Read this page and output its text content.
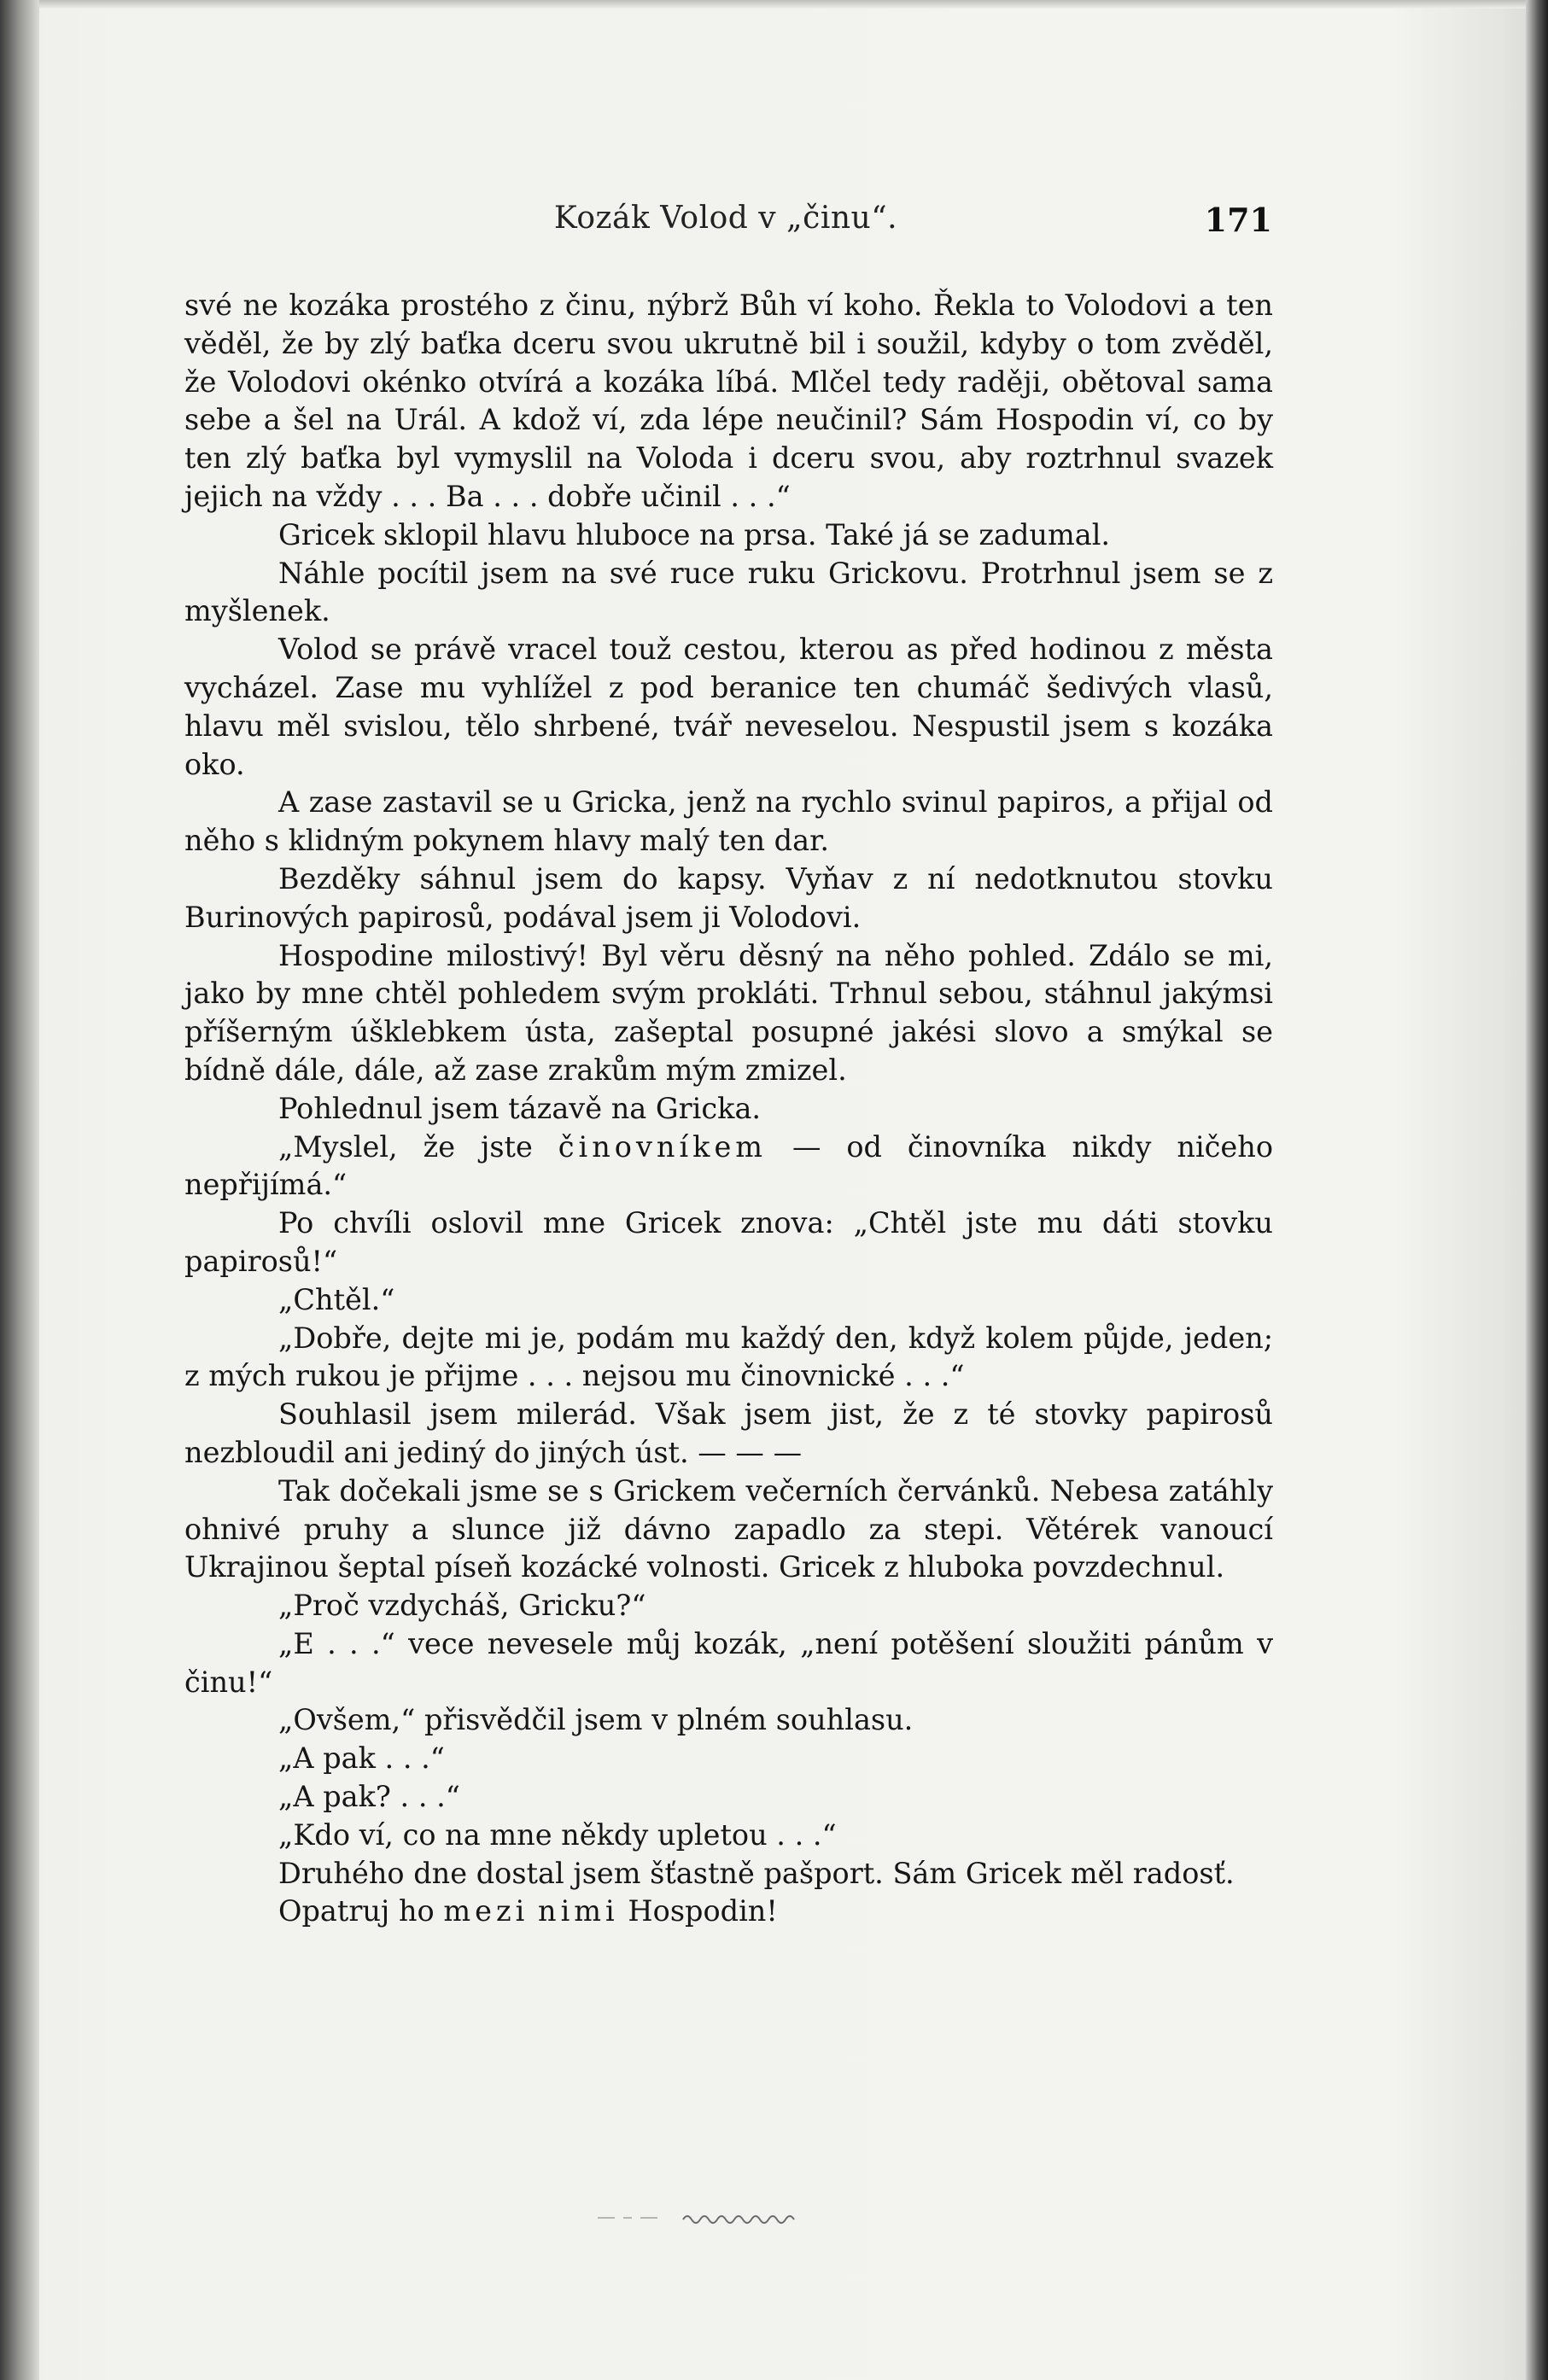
Kozák Volod v „činu“.	171

své ne kozáka prostého z činu, nýbrž Bůh ví koho. Řekla to Volodovi a ten věděl, že by zlý baťka dceru svou ukrutně bil i soužil, kdyby o tom zvěděl, že Volodovi okénko otvírá a kozáka líbá. Mlčel tedy raději, obětoval sama sebe a šel na Urál. A kdož ví, zda lépe neučinil? Sám Hospodin ví, co by ten zlý baťka byl vymyslil na Voloda i dceru svou, aby roztrhnul svazek jejich na vždy . . . Ba . . . dobře učinil . . .“

Gricek sklopil hlavu hluboce na prsa. Také já se zadumal.

Náhle pocítil jsem na své ruce ruku Grickovu. Protrhnul jsem se z myšlenek.

Volod se právě vracel touž cestou, kterou as před hodinou z města vycházel. Zase mu vyhlížel z pod beranice ten chumáč šedivých vlasů, hlavu měl svislou, tělo shrbené, tvář neveselou. Nespustil jsem s kozáka oko.

A zase zastavil se u Gricka, jenž na rychlo svinul papiros, a přijal od něho s klidným pokynem hlavy malý ten dar.

Bezděky sáhnul jsem do kapsy. Vyňav z ní nedotknutou stovku Burinových papirosů, podával jsem ji Volodovi.

Hospodine milostivý! Byl věru děsný na něho pohled. Zdálo se mi, jako by mne chtěl pohledem svým prokláti. Trhnul sebou, stáhnul jakýmsi příšerným úšklebkem ústa, zašeptal posupné jakési slovo a smýkal se bídně dále, dále, až zase zrakům mým zmizel.

Pohlednul jsem tázavě na Gricka.

„Myslel, že jste činovníkem — od činovníka nikdy ničeho nepřijímá.“

Po chvíli oslovil mne Gricek znova: „Chtěl jste mu dáti stovku papirosů!“

„Chtěl.“

„Dobře, dejte mi je, podám mu každý den, když kolem půjde, jeden; z mých rukou je přijme . . . nejsou mu činovnické . . .“

Souhlasil jsem milerád. Však jsem jist, že z té stovky papirosů nezbloudil ani jediný do jiných úst. — — —

Tak dočekali jsme se s Grickem večerních červánků. Nebesa zatáhly ohnivé pruhy a slunce již dávno zapadlo za stepi. Větérek vanoucí Ukrajinou šeptal píseň kozácké volnosti. Gricek z hluboka povzdechnul.

„Proč vzdycháš, Gricku?“

„E . . .“ vece nevesele můj kozák, „není potěšení sloužiti pánům v činu!“

„Ovšem,“ přisvědčil jsem v plném souhlasu.

„A pak . . .“

„A pak? . . .“

„Kdo ví, co na mne někdy upletou . . .“

Druhého dne dostal jsem šťastně pašport. Sám Gricek měl radosť.

Opatruj ho mezi nimi Hospodin!
